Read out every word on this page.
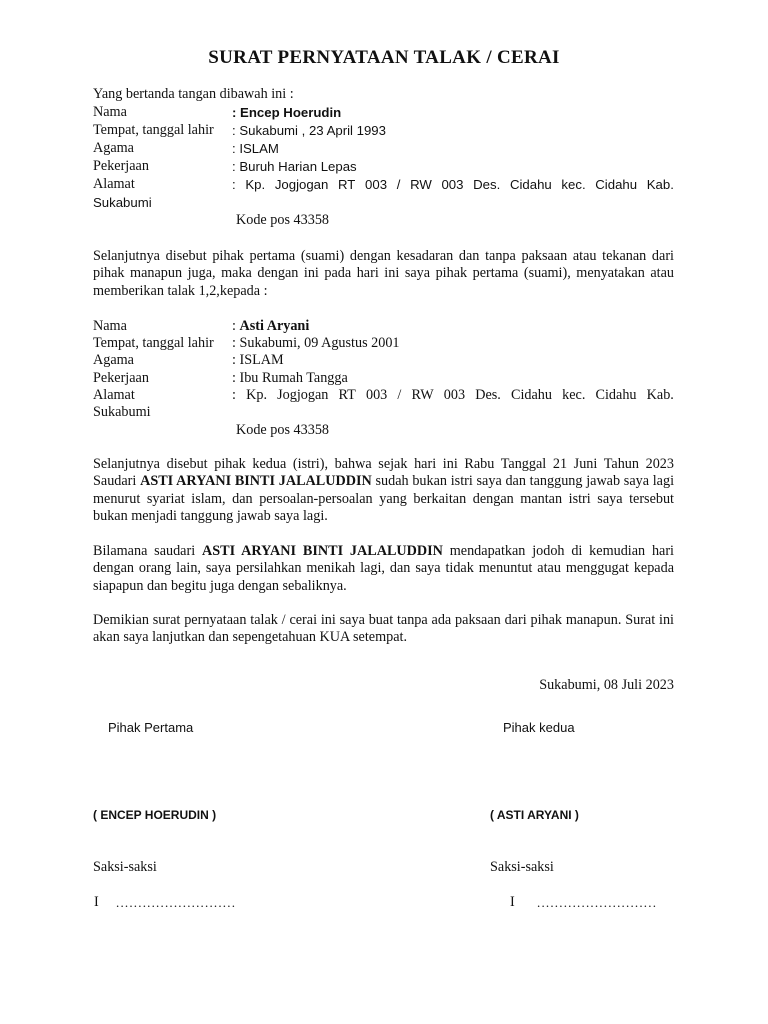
SURAT PERNYATAAN TALAK / CERAI
Yang bertanda tangan dibawah ini :
Nama	: Encep Hoerudin
Tempat, tanggal lahir : Sukabumi , 23 April 1993
Agama	: ISLAM
Pekerjaan	: Buruh Harian Lepas
Alamat	: Kp. Jogjogan RT 003 / RW 003 Des. Cidahu kec. Cidahu Kab.
Sukabumi
Kode pos 43358
Selanjutnya disebut pihak pertama (suami) dengan kesadaran dan tanpa paksaan atau tekanan dari pihak manapun juga, maka dengan ini pada hari ini saya pihak pertama (suami), menyatakan atau memberikan talak 1,2,kepada :
Nama	: Asti Aryani
Tempat, tanggal lahir : Sukabumi, 09 Agustus 2001
Agama	: ISLAM
Pekerjaan	: Ibu Rumah Tangga
Alamat	: Kp. Jogjogan RT 003 / RW 003 Des. Cidahu kec. Cidahu Kab.
Sukabumi
Kode pos 43358
Selanjutnya disebut pihak kedua (istri), bahwa sejak hari ini Rabu Tanggal 21 Juni Tahun 2023 Saudari ASTI ARYANI BINTI JALALUDDIN sudah bukan istri saya dan tanggung jawab saya lagi menurut syariat islam, dan persoalan-persoalan yang berkaitan dengan mantan istri saya tersebut bukan menjadi tanggung jawab saya lagi.
Bilamana saudari ASTI ARYANI BINTI JALALUDDIN mendapatkan jodoh di kemudian hari dengan orang lain, saya persilahkan menikah lagi, dan saya tidak menuntut atau menggugat kepada siapapun dan begitu juga dengan sebaliknya.
Demikian surat pernyataan talak / cerai ini saya buat tanpa ada paksaan dari pihak manapun. Surat ini akan saya lanjutkan dan sepengetahuan KUA setempat.
Sukabumi, 08 Juli 2023
Pihak Pertama	Pihak kedua
( ENCEP HOERUDIN )	( ASTI ARYANI )
Saksi-saksi	Saksi-saksi
I ...........................	I ...........................
